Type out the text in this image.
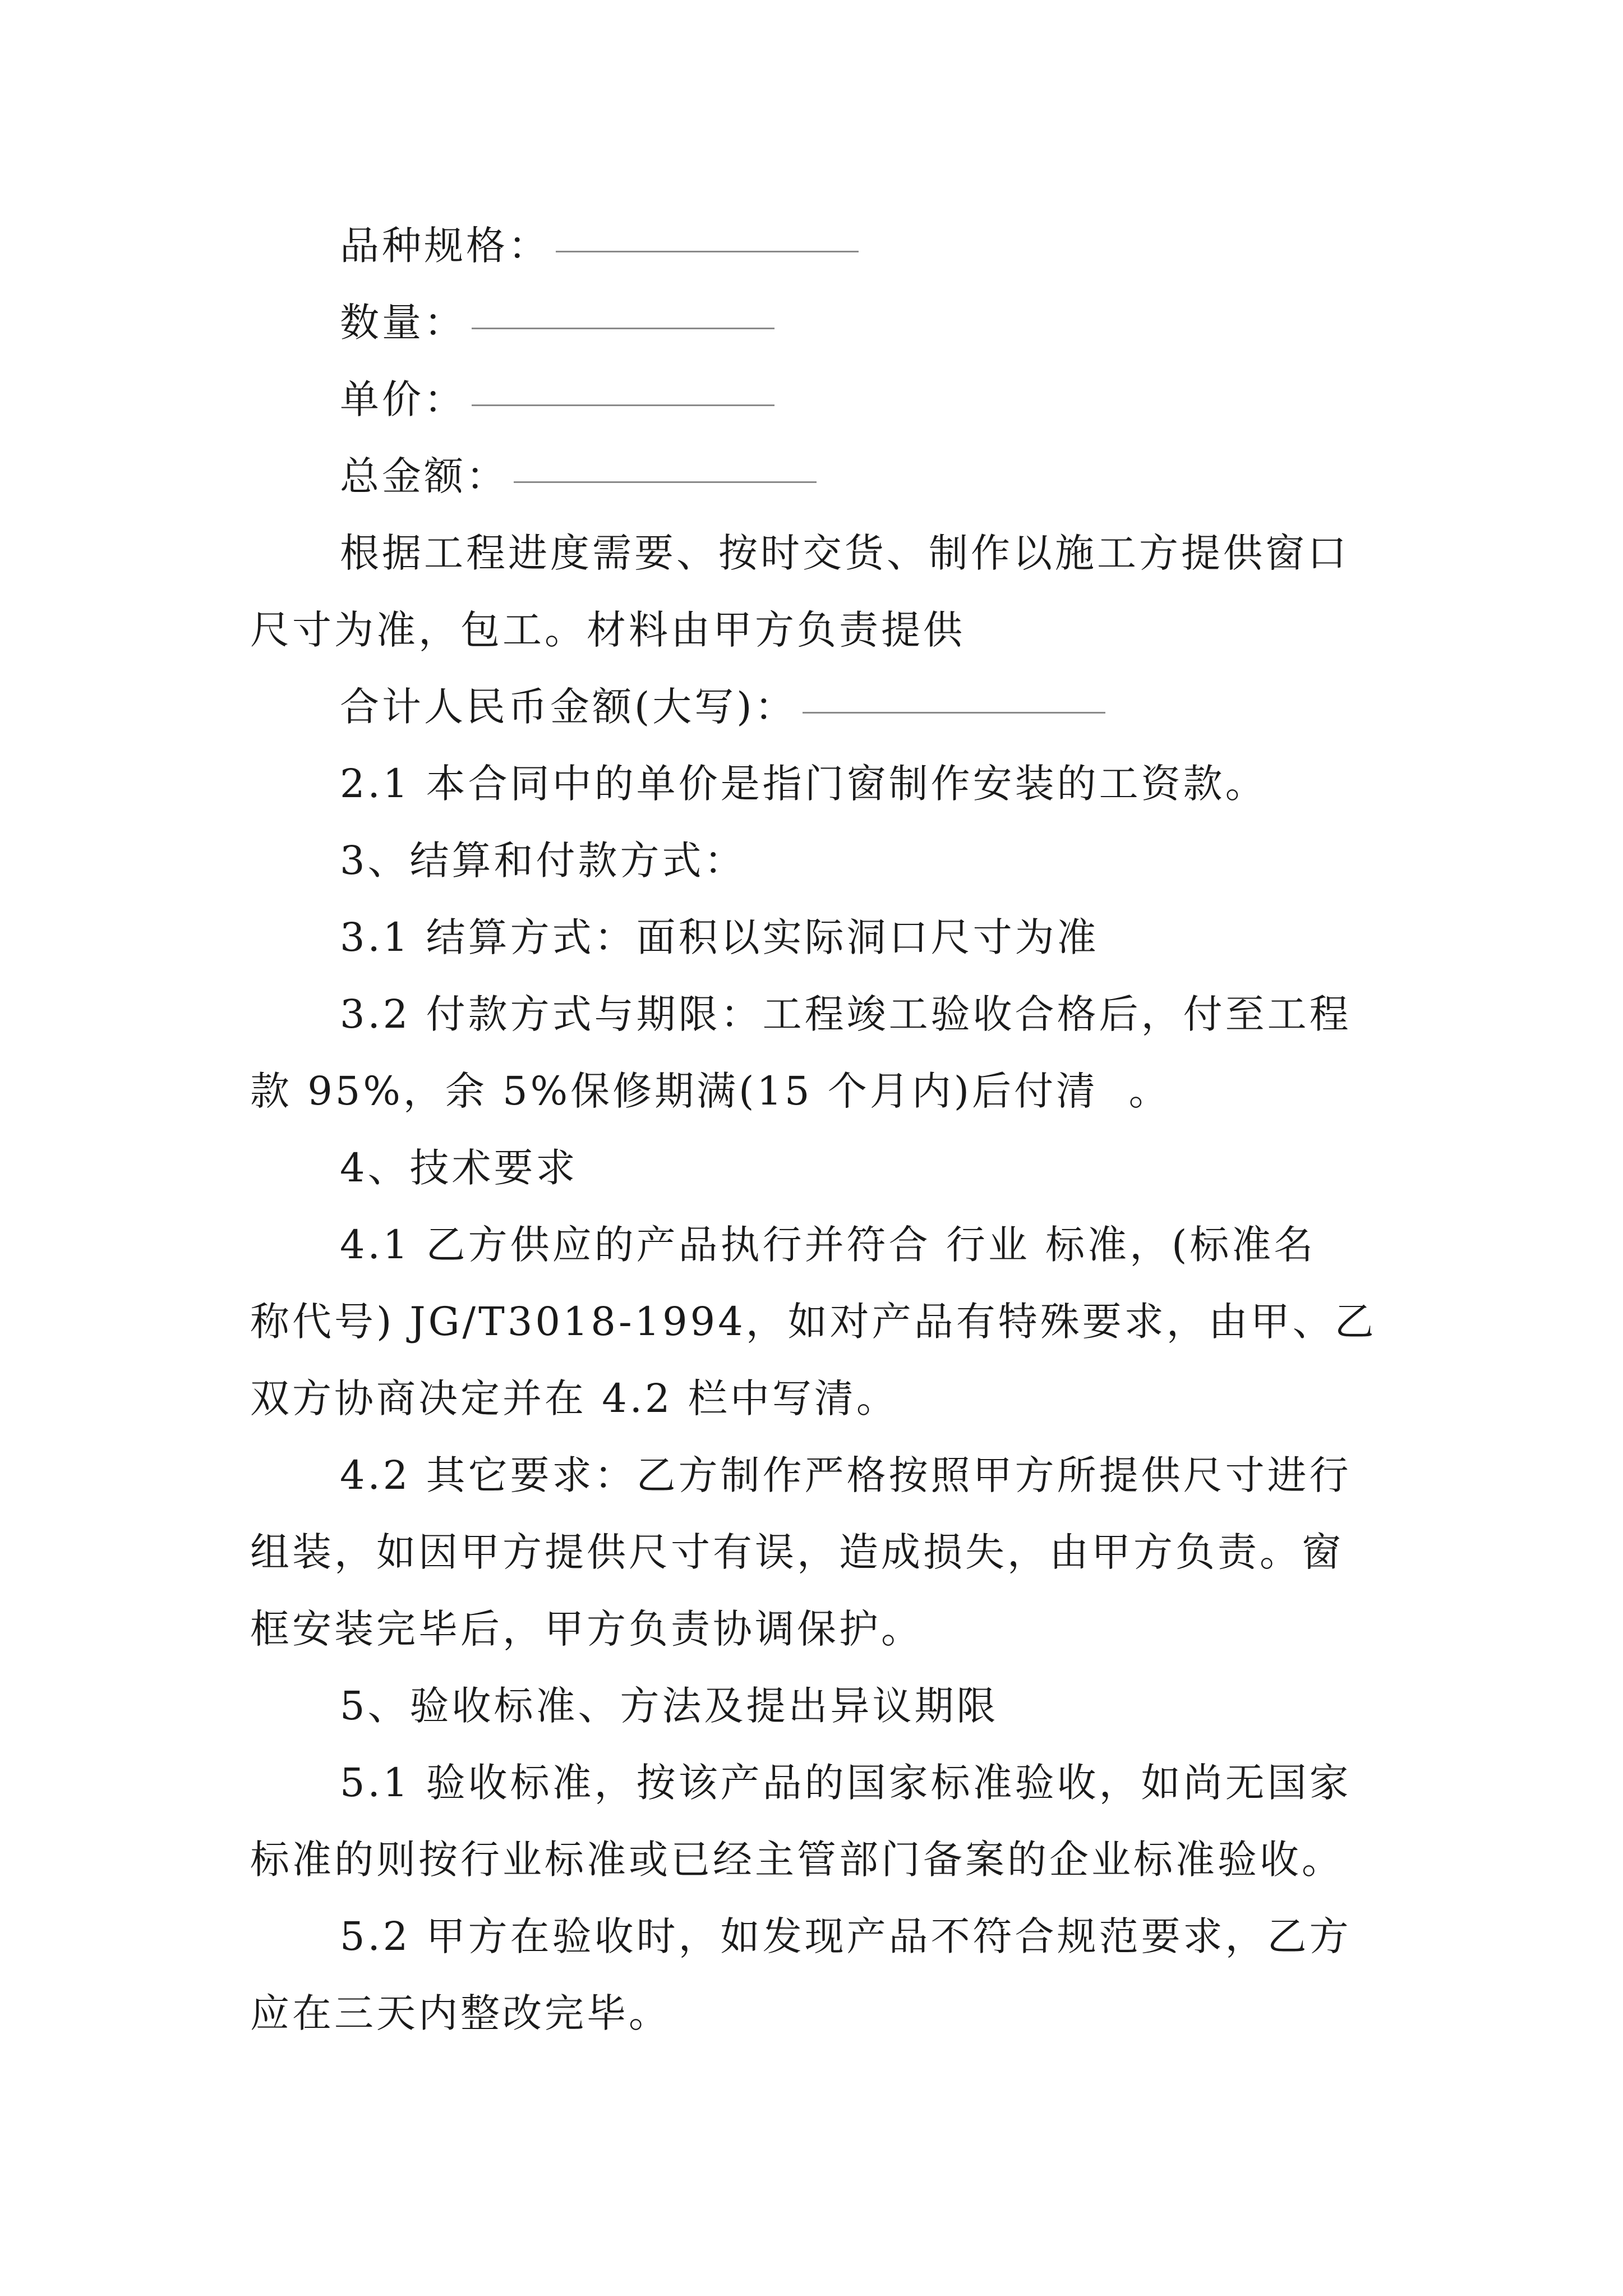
品种规格：
数量：
单价：
总金额：
根据工程进度需要、按时交货、制作以施工方提供窗口
尺寸为准，包工。材料由甲方负责提供
合计人民币金额(大写)：
2.1 本合同中的单价是指门窗制作安装的工资款。
3、结算和付款方式：
3.1 结算方式：面积以实际洞口尺寸为准
3.2 付款方式与期限：工程竣工验收合格后，付至工程
款 95%，余 5%保修期满(15 个月内)后付清  。
4、技术要求
4.1 乙方供应的产品执行并符合 行业 标准，(标准名
称代号) JG/T3018-1994，如对产品有特殊要求，由甲、乙
双方协商决定并在 4.2 栏中写清。
4.2 其它要求：乙方制作严格按照甲方所提供尺寸进行
组装，如因甲方提供尺寸有误，造成损失，由甲方负责。窗
框安装完毕后，甲方负责协调保护。
5、验收标准、方法及提出异议期限
5.1 验收标准，按该产品的国家标准验收，如尚无国家
标准的则按行业标准或已经主管部门备案的企业标准验收。
5.2 甲方在验收时，如发现产品不符合规范要求，乙方
应在三天内整改完毕。
